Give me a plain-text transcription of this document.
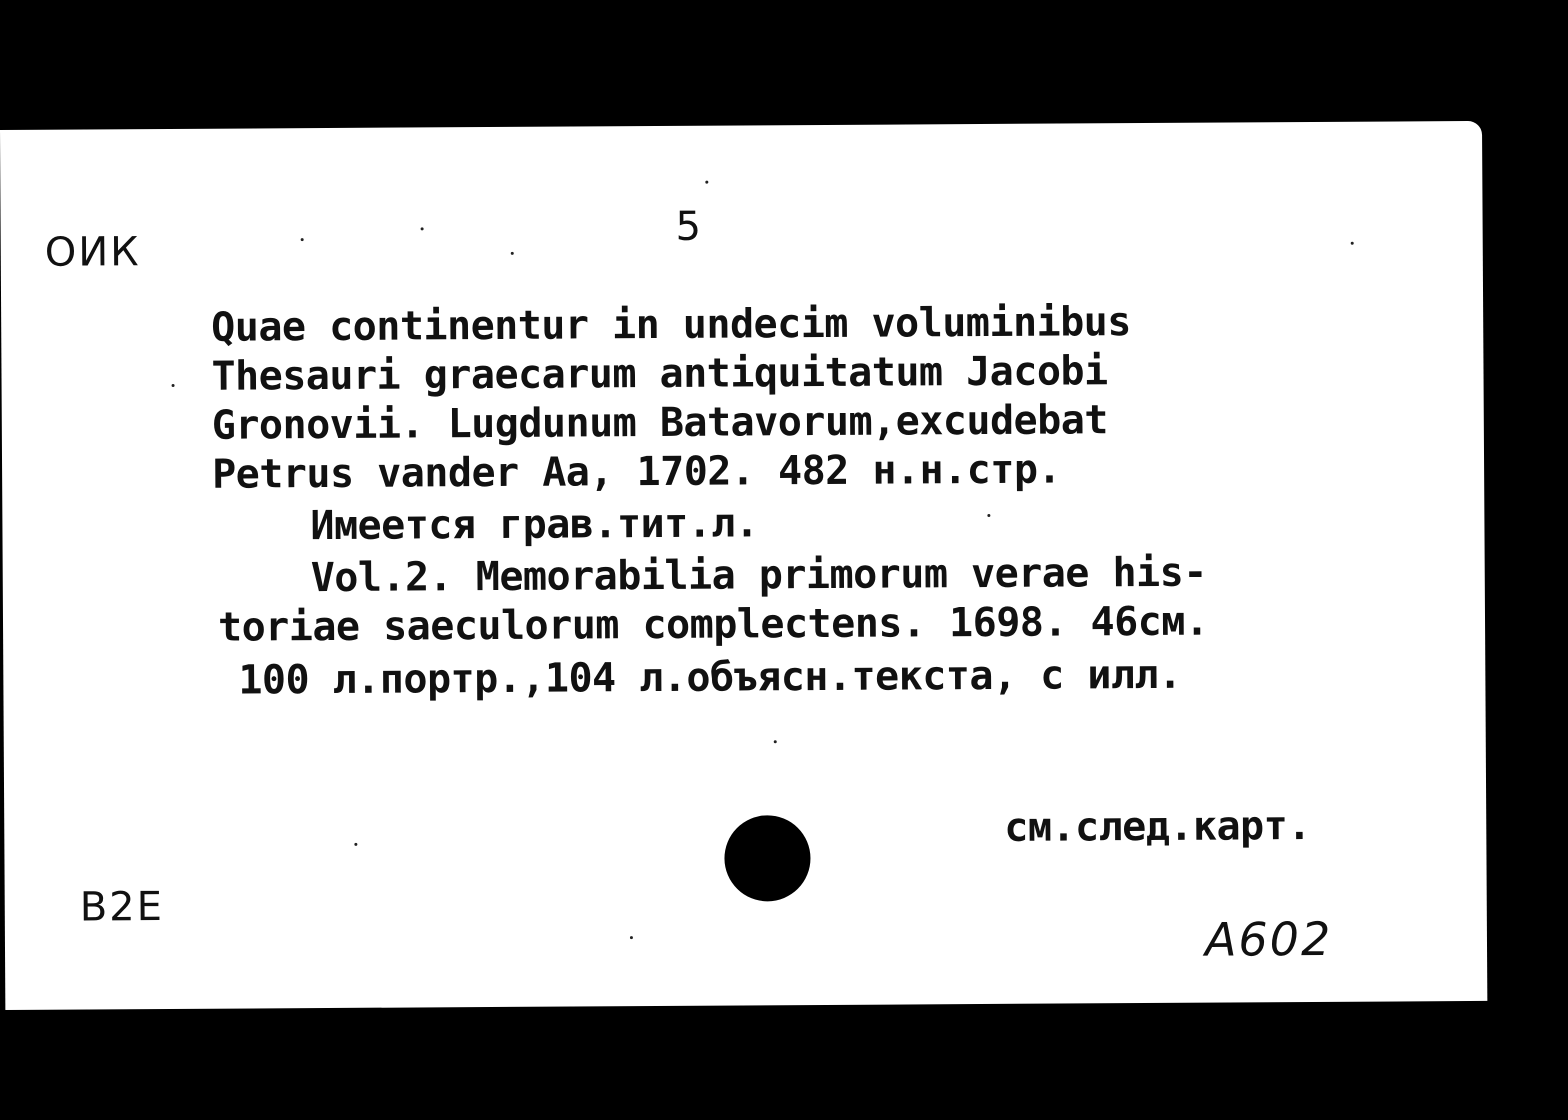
ОИК
5
Quae continentur in undecim voluminibus
Thesauri graecarum antiquitatum Jacobi
Gronovii. Lugdunum Batavorum,excudebat
Petrus vander Aa, 1702. 482 н.н.стр.
Имеется грав.тит.л.
Vol.2. Memorabilia primorum verae his-
toriae saeculorum complectens. 1698. 46см.
100 л.портр.,104 л.объясн.текста, с илл.
см.след.карт.
В2Е
А602
